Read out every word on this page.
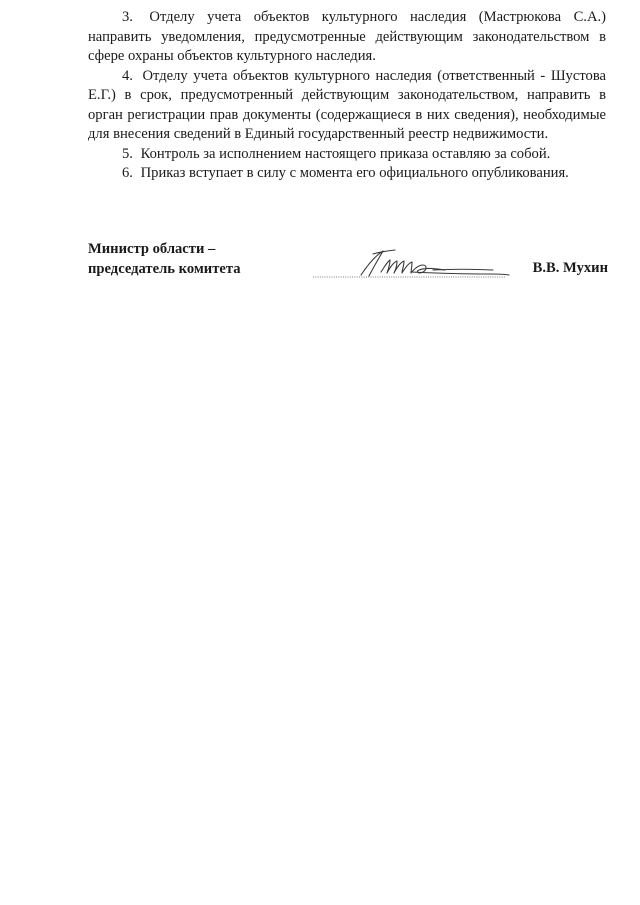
3. Отделу учета объектов культурного наследия (Мастрюкова С.А.) направить уведомления, предусмотренные действующим законодательством в сфере охраны объектов культурного наследия.

4. Отделу учета объектов культурного наследия (ответственный - Шустова Е.Г.) в срок, предусмотренный действующим законодательством, направить в орган регистрации прав документы (содержащиеся в них сведения), необходимые для внесения сведений в Единый государственный реестр недвижимости.

5. Контроль за исполнением настоящего приказа оставляю за собой.

6. Приказ вступает в силу с момента его официального опубликования.

Министр области –
председатель комитета	В.В. Мухин
